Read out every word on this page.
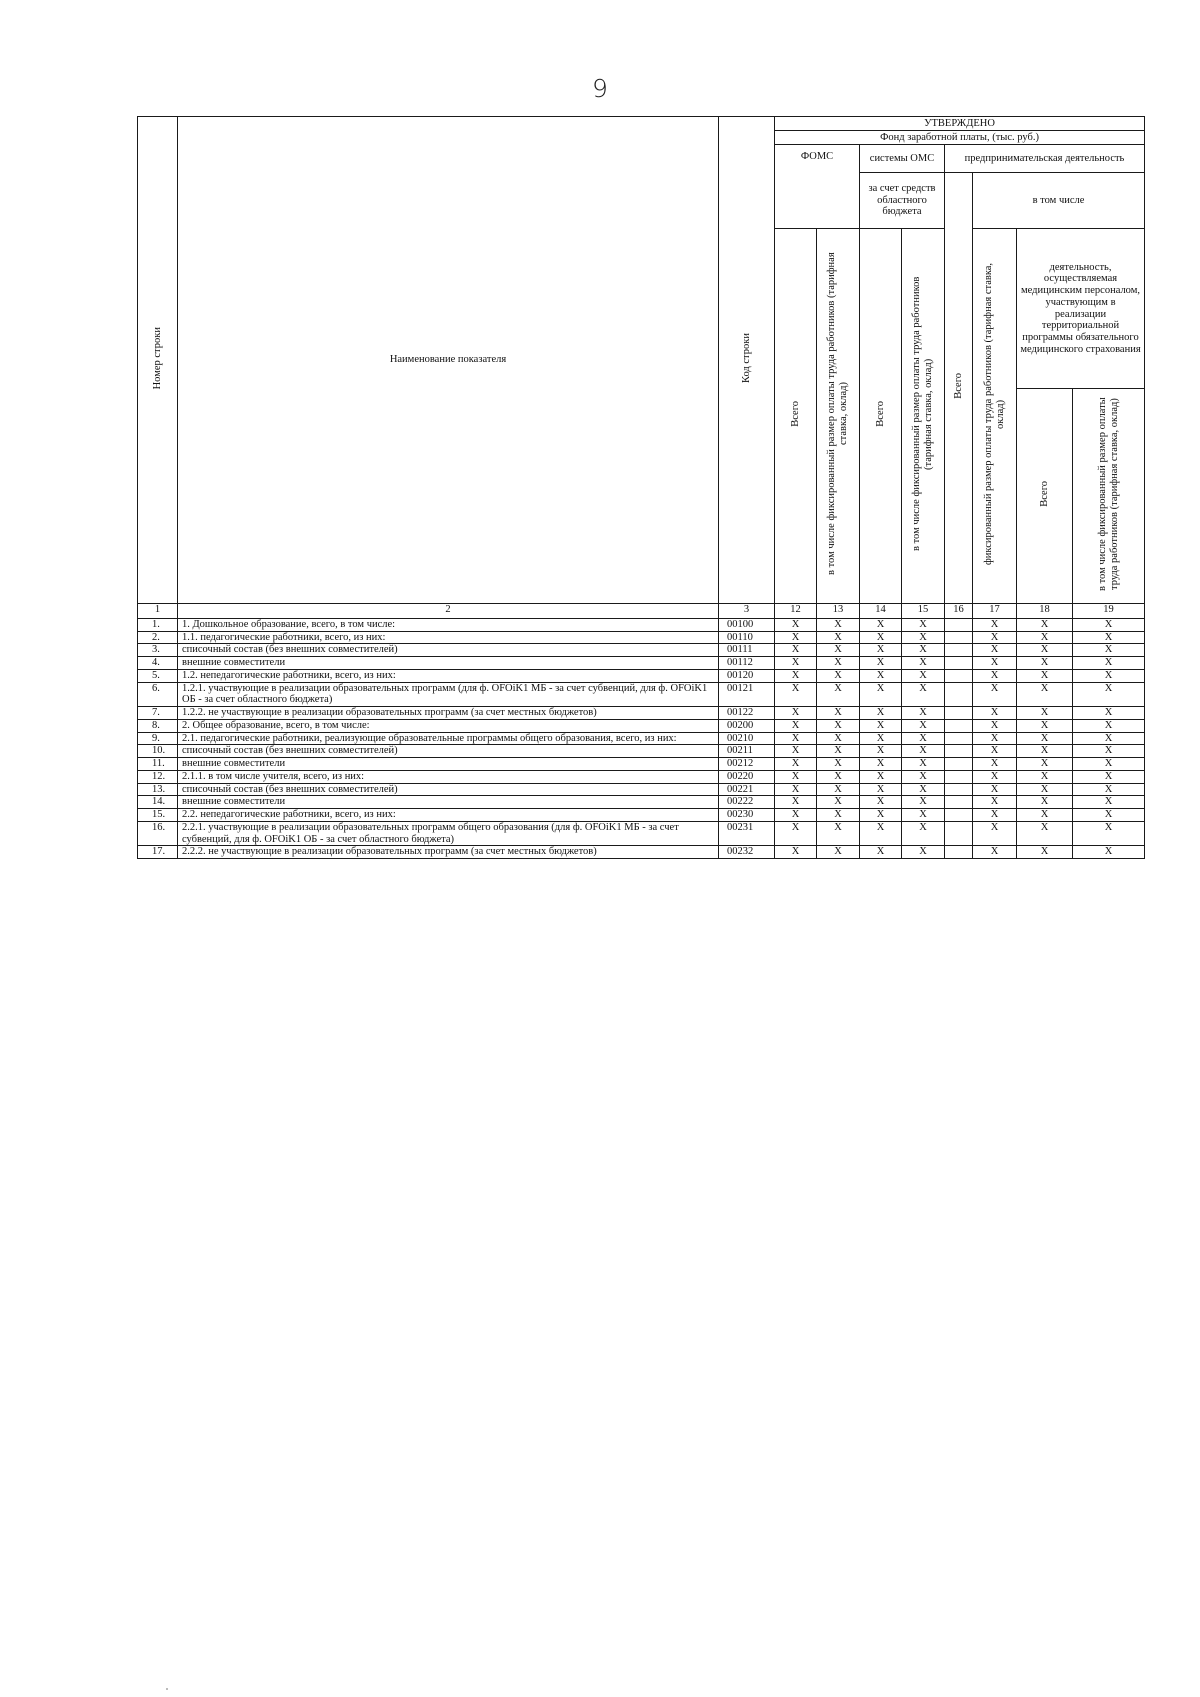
9
Номер строки	Наименование показателя	Код строки	УТВЕРЖДЕНО							
			Фонд заработной платы, (тыс. руб.)							
			ФОМС		системы ОМС		предпринимательская деятельность			
					за счет средств областного бюджета		Всего	в том числе		
			Всего	в том числе фиксированный размер оплаты труда работников (тарифная ставка, оклад)	Всего	в том числе фиксированный размер оплаты труда работников (тарифная ставка, оклад)		фиксированный размер оплаты труда работников (тарифная ставка, оклад)	деятельность, осуществляемая медицинским персоналом, участвующим в реализации территориальной программы обязательного медицинского страхования	
									Всего	в том числе фиксированный размер оплаты труда работников (тарифная ставка, оклад)

1	2	3	12	13	14	15	16	17	18	19
1.	1. Дошкольное образование, всего, в том числе:	00100	X	X	X	X		X	X	X
2.	1.1. педагогические работники, всего, из них:	00110	X	X	X	X		X	X	X
3.	списочный состав (без внешних совместителей)	00111	X	X	X	X		X	X	X
4.	внешние совместители	00112	X	X	X	X		X	X	X
5.	1.2. непедагогические работники, всего, из них:	00120	X	X	X	X		X	X	X
6.	1.2.1. участвующие в реализации образовательных программ (для ф. OFOiK1 МБ - за счет субвенций, для ф. OFOiK1 ОБ - за счет областного бюджета)	00121	X	X	X	X		X	X	X
7.	1.2.2. не участвующие в реализации образовательных программ (за счет местных бюджетов)	00122	X	X	X	X		X	X	X
8.	2. Общее образование, всего, в том числе:	00200	X	X	X	X		X	X	X
9.	2.1. педагогические работники, реализующие образовательные программы общего образования, всего, из них:	00210	X	X	X	X		X	X	X
10.	списочный состав (без внешних совместителей)	00211	X	X	X	X		X	X	X
11.	внешние совместители	00212	X	X	X	X		X	X	X
12.	2.1.1. в том числе учителя, всего, из них:	00220	X	X	X	X		X	X	X
13.	списочный состав (без внешних совместителей)	00221	X	X	X	X		X	X	X
14.	внешние совместители	00222	X	X	X	X		X	X	X
15.	2.2. непедагогические работники, всего, из них:	00230	X	X	X	X		X	X	X
16.	2.2.1. участвующие в реализации образовательных программ общего образования (для ф. OFOiK1 МБ - за счет субвенций, для ф. OFOiK1 ОБ - за счет областного бюджета)	00231	X	X	X	X		X	X	X
17.	2.2.2. не участвующие в реализации образовательных программ (за счет местных бюджетов)	00232	X	X	X	X		X	X	X
